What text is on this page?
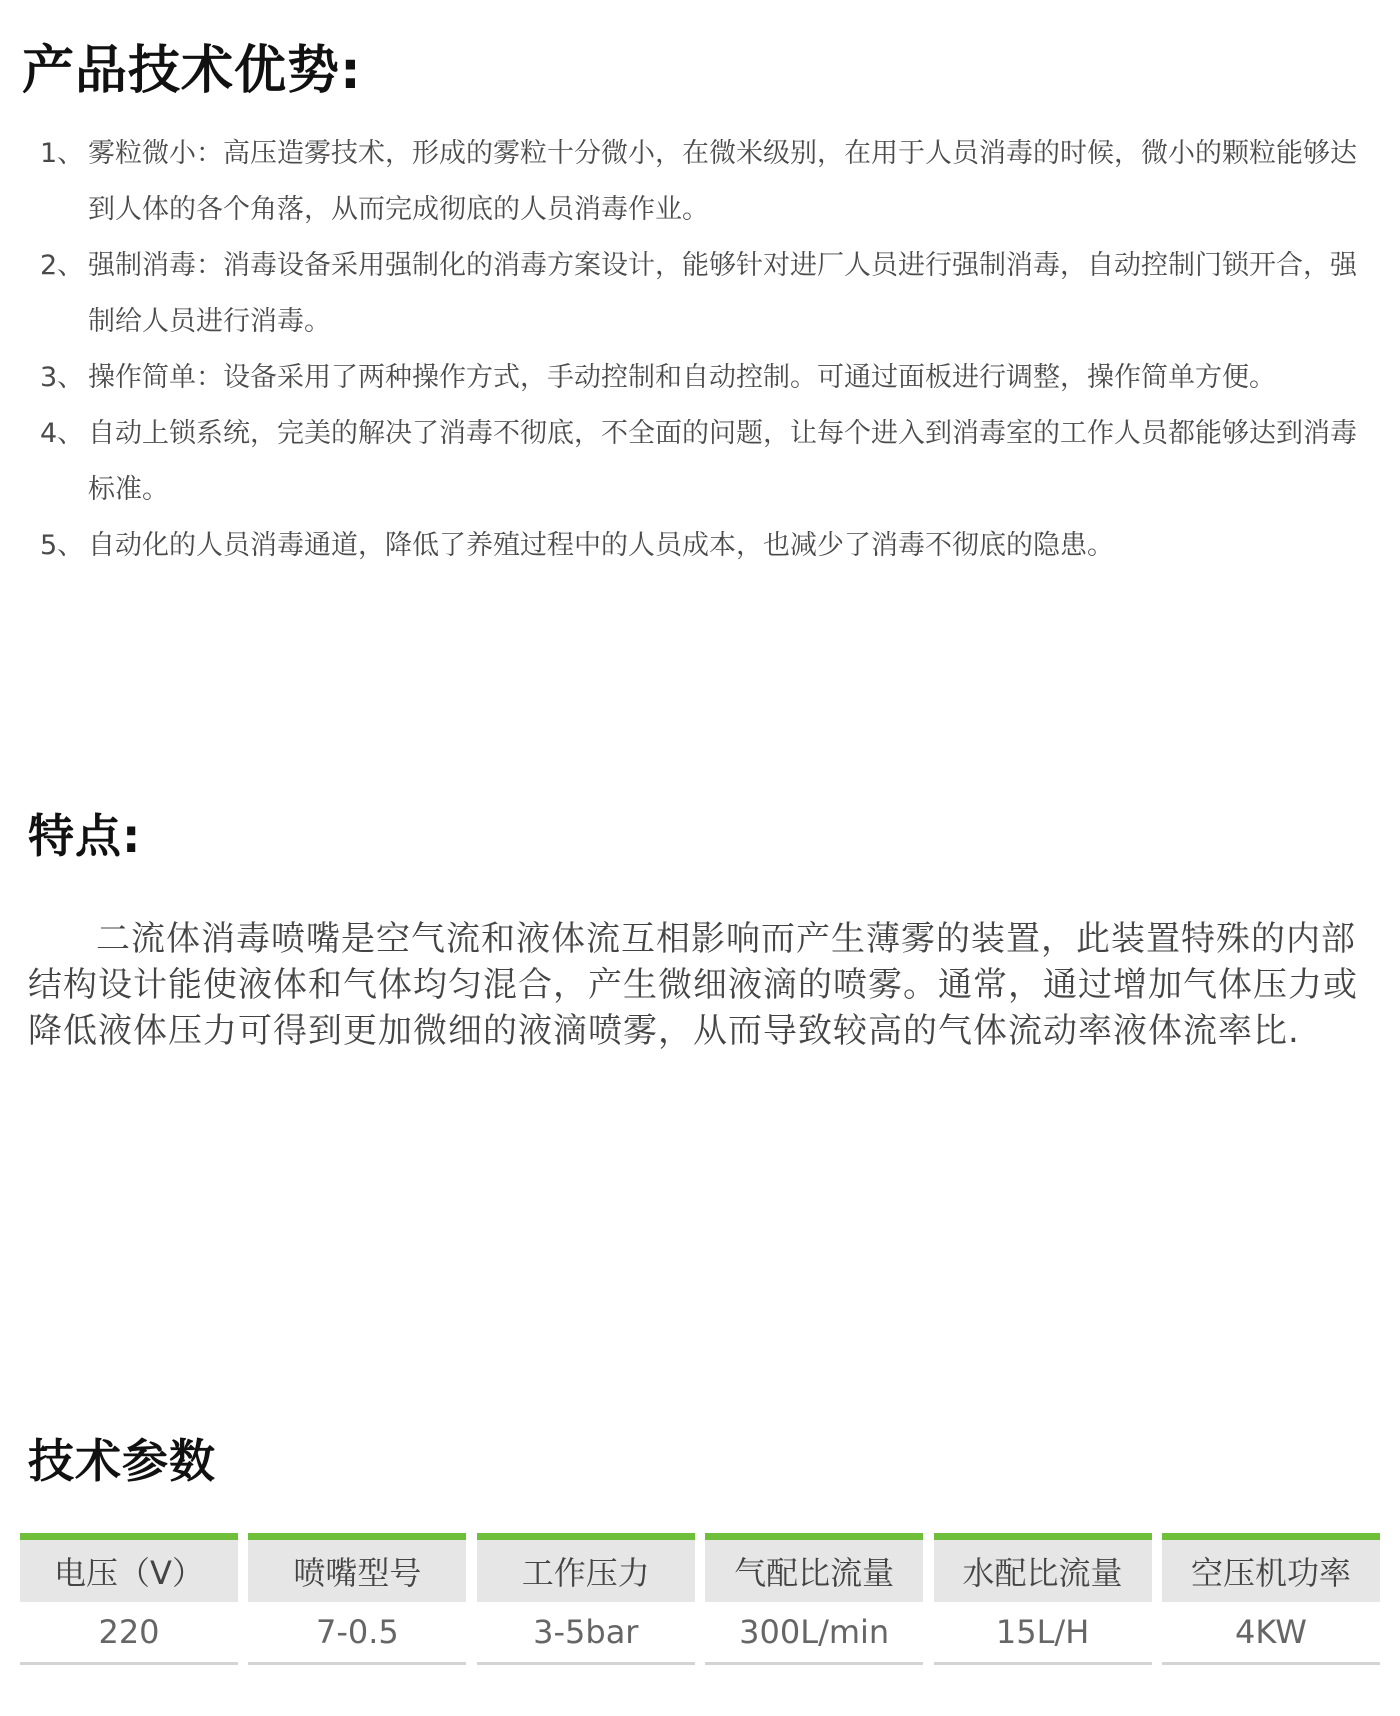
产品技术优势:
1、 雾粒微小：高压造雾技术，形成的雾粒十分微小，在微米级别，在用于人员消毒的时候，微小的颗粒能够达到人体的各个角落，从而完成彻底的人员消毒作业。
2、 强制消毒：消毒设备采用强制化的消毒方案设计，能够针对进厂人员进行强制消毒，自动控制门锁开合，强制给人员进行消毒。
3、 操作简单：设备采用了两种操作方式，手动控制和自动控制。可通过面板进行调整，操作简单方便。
4、 自动上锁系统，完美的解决了消毒不彻底，不全面的问题，让每个进入到消毒室的工作人员都能够达到消毒标准。
5、 自动化的人员消毒通道，降低了养殖过程中的人员成本，也减少了消毒不彻底的隐患。
特点:

二流体消毒喷嘴是空气流和液体流互相影响而产生薄雾的装置，此装置特殊的内部结构设计能使液体和气体均匀混合，产生微细液滴的喷雾。通常，通过增加气体压力或降低液体压力可得到更加微细的液滴喷雾，从而导致较高的气体流动率液体流率比.

技术参数
电压（V）
220
喷嘴型号
7-0.5
工作压力
3-5bar
气配比流量
300L/min
水配比流量
15L/H
空压机功率
4KW
